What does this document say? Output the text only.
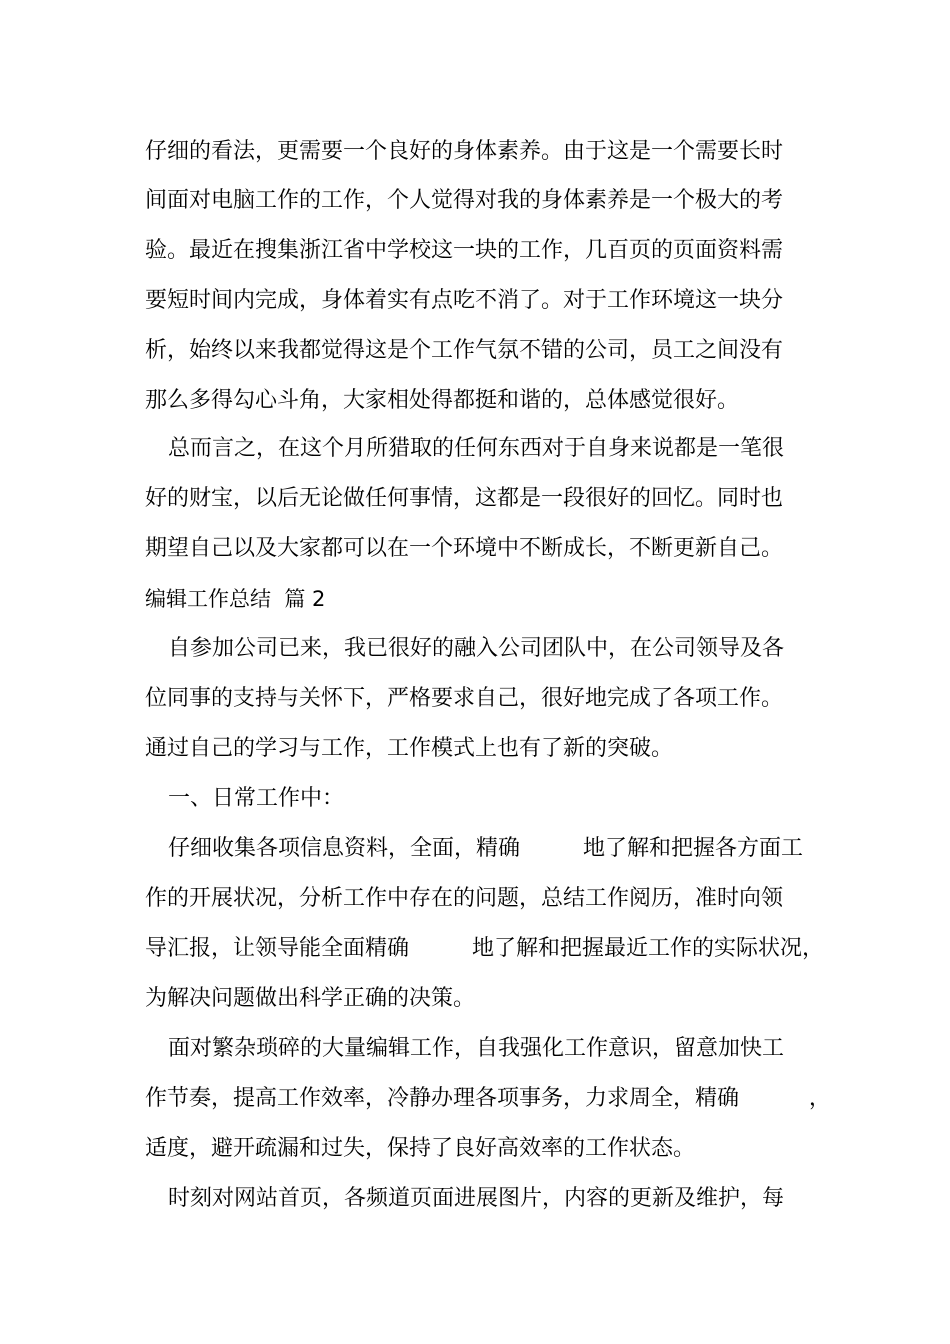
仔细的看法，更需要一个良好的身体素养。由于这是一个需要长时

间面对电脑工作的工作，个人觉得对我的身体素养是一个极大的考

验。最近在搜集浙江省中学校这一块的工作，几百页的页面资料需

要短时间内完成，身体着实有点吃不消了。对于工作环境这一块分

析，始终以来我都觉得这是个工作气氛不错的公司，员工之间没有

那么多得勾心斗角，大家相处得都挺和谐的，总体感觉很好。

总而言之，在这个月所猎取的任何东西对于自身来说都是一笔很

好的财宝，以后无论做任何事情，这都是一段很好的回忆。同时也

期望自己以及大家都可以在一个环境中不断成长，不断更新自己。

编辑工作总结  篇 2

自参加公司已来，我已很好的融入公司团队中，在公司领导及各

位同事的支持与关怀下，严格要求自己，很好地完成了各项工作。

通过自己的学习与工作，工作模式上也有了新的突破。

一、日常工作中：

仔细收集各项信息资料，全面，精确         地了解和把握各方面工

作的开展状况，分析工作中存在的问题，总结工作阅历，准时向领

导汇报，让领导能全面精确         地了解和把握最近工作的实际状况，

为解决问题做出科学正确的决策。

面对繁杂琐碎的大量编辑工作，自我强化工作意识，留意加快工

作节奏，提高工作效率，冷静办理各项事务，力求周全，精确          ，

适度，避开疏漏和过失，保持了良好高效率的工作状态。

时刻对网站首页，各频道页面进展图片，内容的更新及维护，每
